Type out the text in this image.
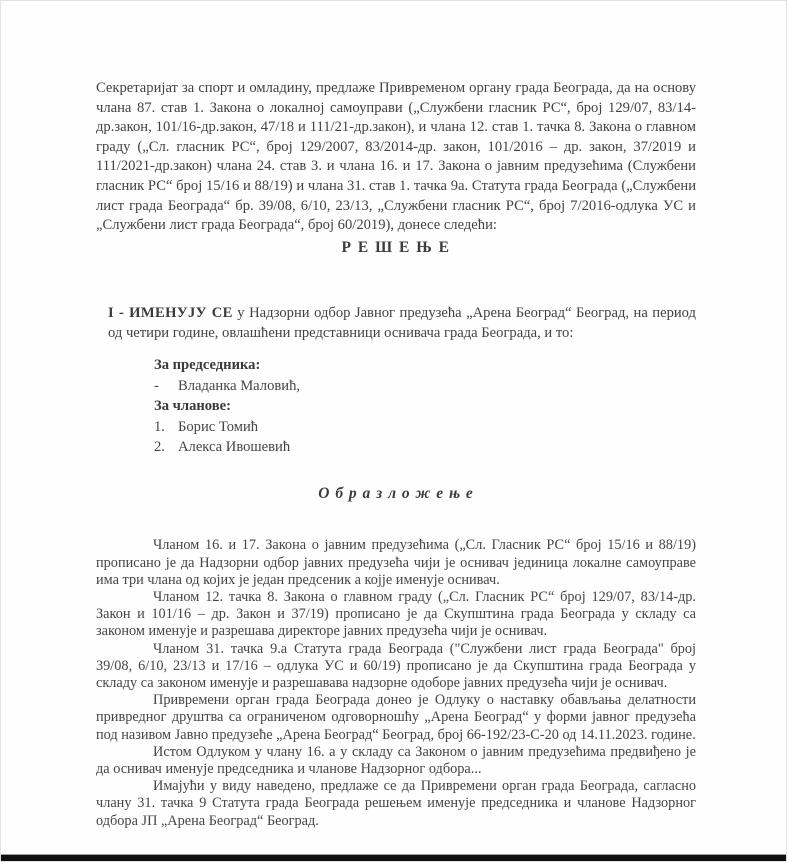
Секретаријат за спорт и омладину, предлаже Привременом органу града Београда, да на основу члана 87. став 1. Закона о локалној самоуправи („Службени гласник РС“, број 129/07, 83/14-др.закон, 101/16-др.закон, 47/18 и 111/21-др.закон), и члана 12. став 1. тачка 8. Закона о главном граду („Сл. гласник РС“, број 129/2007, 83/2014-др. закон, 101/2016 – др. закон, 37/2019 и 111/2021-др.закон) члана 24. став 3. и члана 16. и 17. Закона о јавним предузећима (Службени гласник РС“ број 15/16 и 88/19) и члана 31. став 1. тачка 9а. Статута града Београда („Службени лист града Београда“ бр. 39/08, 6/10, 23/13, „Службени гласник РС“, број 7/2016-одлука УС и „Службени лист града Београда“, број 60/2019), донесе следећи:

Р Е Ш Е Њ Е

I - ИМЕНУЈУ СЕ у Надзорни одбор Јавног предузећа „Арена Београд“ Београд, на период од четири године, овлашћени представници оснивача града Београда, и то:

За председника:
-	Владанка Маловић,
За чланове:
1. Борис Томић
2. Алекса Ивошевић
О б р а з л о ж е њ е

Чланом 16. и 17. Закона о јавним предузећима („Сл. Гласник РС“ број 15/16 и 88/19) прописано је да Надзорни одбор јавних предузећа чији је оснивач јединица локалне самоуправе има три члана од којих је један предсеник а којје именује оснивач.

Чланом 12. тачка 8. Закона о главном граду („Сл. Гласник РС“ број 129/07, 83/14-др. Закон и 101/16 – др. Закон и 37/19) прописано је да Скупштина града Београда у складу са законом именује и разрешава директоре јавних предузећа чији је оснивач.

Чланом 31. тачка 9.а Статута града Београда ("Службени лист града Београда" број 39/08, 6/10, 23/13 и 17/16 – одлука УС и 60/19) прописано је да Скупштина града Београда у складу са законом именује и разрешавава надзорне одоборе јавних предузећа чији је оснивач.

Привремени орган града Београда донео је Одлуку о наставку обављања делатности привредног друштва са ограниченом одговорношћу „Арена Београд“ у форми јавног предузећа под називом Јавно предузеће „Арена Београд“ Београд, број 66-192/23-С-20 од 14.11.2023. године.

Истом Одлуком у члану 16. а у складу са Законом о јавним предузећима предвиђено је да оснивач именује председника и чланове Надзорног одбора...

Имајући у виду наведено, предлаже се да Привремени орган града Београда, сагласно члану 31. тачка 9 Статута града Београда решењем именује председника и чланове Надзорног одбора ЈП „Арена Београд“ Београд.
